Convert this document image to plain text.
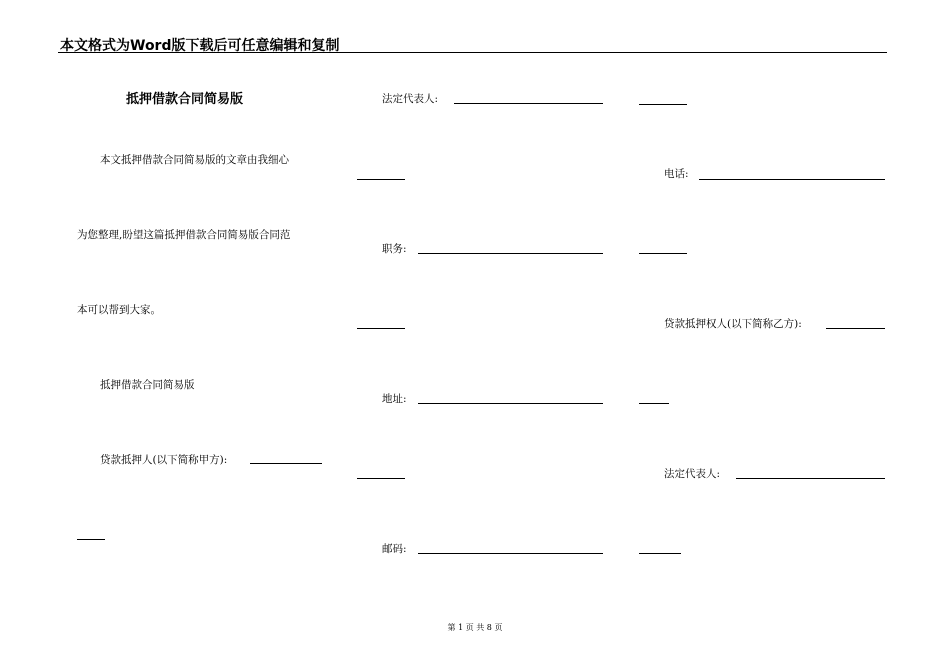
本文格式为Word版下载后可任意编辑和复制
抵押借款合同简易版
本文抵押借款合同简易版的文章由我细心
为您整理,盼望这篇抵押借款合同简易版合同范
本可以帮到大家。
抵押借款合同简易版
贷款抵押人(以下简称甲方):
法定代表人:
职务:
地址:
邮码:
电话:
贷款抵押权人(以下简称乙方):
法定代表人:
第 1 页 共 8 页
